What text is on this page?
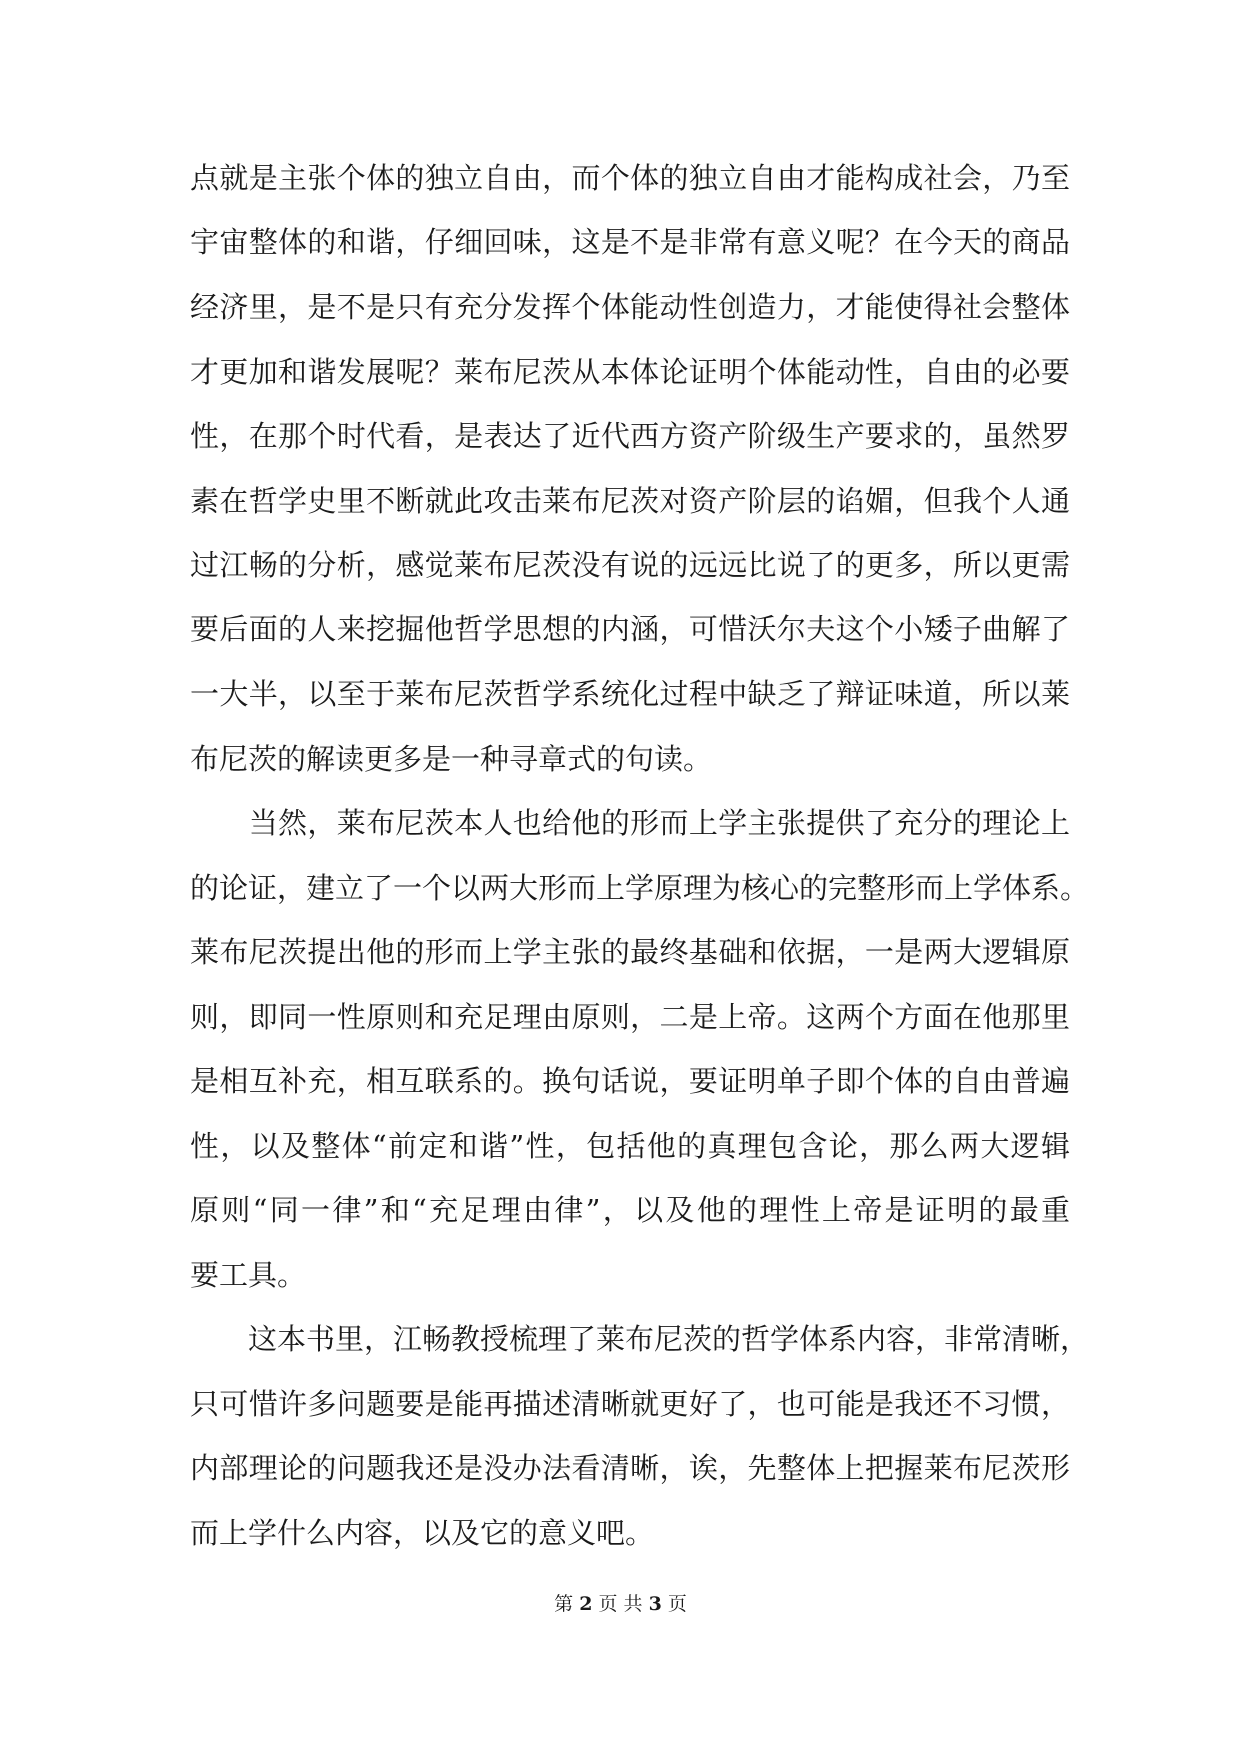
点就是主张个体的独立自由，而个体的独立自由才能构成社会，乃至
宇宙整体的和谐，仔细回味，这是不是非常有意义呢？在今天的商品
经济里，是不是只有充分发挥个体能动性创造力，才能使得社会整体
才更加和谐发展呢？莱布尼茨从本体论证明个体能动性，自由的必要
性，在那个时代看，是表达了近代西方资产阶级生产要求的，虽然罗
素在哲学史里不断就此攻击莱布尼茨对资产阶层的谄媚，但我个人通
过江畅的分析，感觉莱布尼茨没有说的远远比说了的更多，所以更需
要后面的人来挖掘他哲学思想的内涵，可惜沃尔夫这个小矮子曲解了
一大半，以至于莱布尼茨哲学系统化过程中缺乏了辩证味道，所以莱
布尼茨的解读更多是一种寻章式的句读。
　　当然，莱布尼茨本人也给他的形而上学主张提供了充分的理论上
的论证，建立了一个以两大形而上学原理为核心的完整形而上学体系。
莱布尼茨提出他的形而上学主张的最终基础和依据，一是两大逻辑原
则，即同一性原则和充足理由原则，二是上帝。这两个方面在他那里
是相互补充，相互联系的。换句话说，要证明单子即个体的自由普遍
性，以及整体“前定和谐”性，包括他的真理包含论，那么两大逻辑
原则“同一律”和“充足理由律”，以及他的理性上帝是证明的最重
要工具。
　　这本书里，江畅教授梳理了莱布尼茨的哲学体系内容，非常清晰，
只可惜许多问题要是能再描述清晰就更好了，也可能是我还不习惯，
内部理论的问题我还是没办法看清晰，诶，先整体上把握莱布尼茨形
而上学什么内容，以及它的意义吧。
第 2 页 共 3 页
